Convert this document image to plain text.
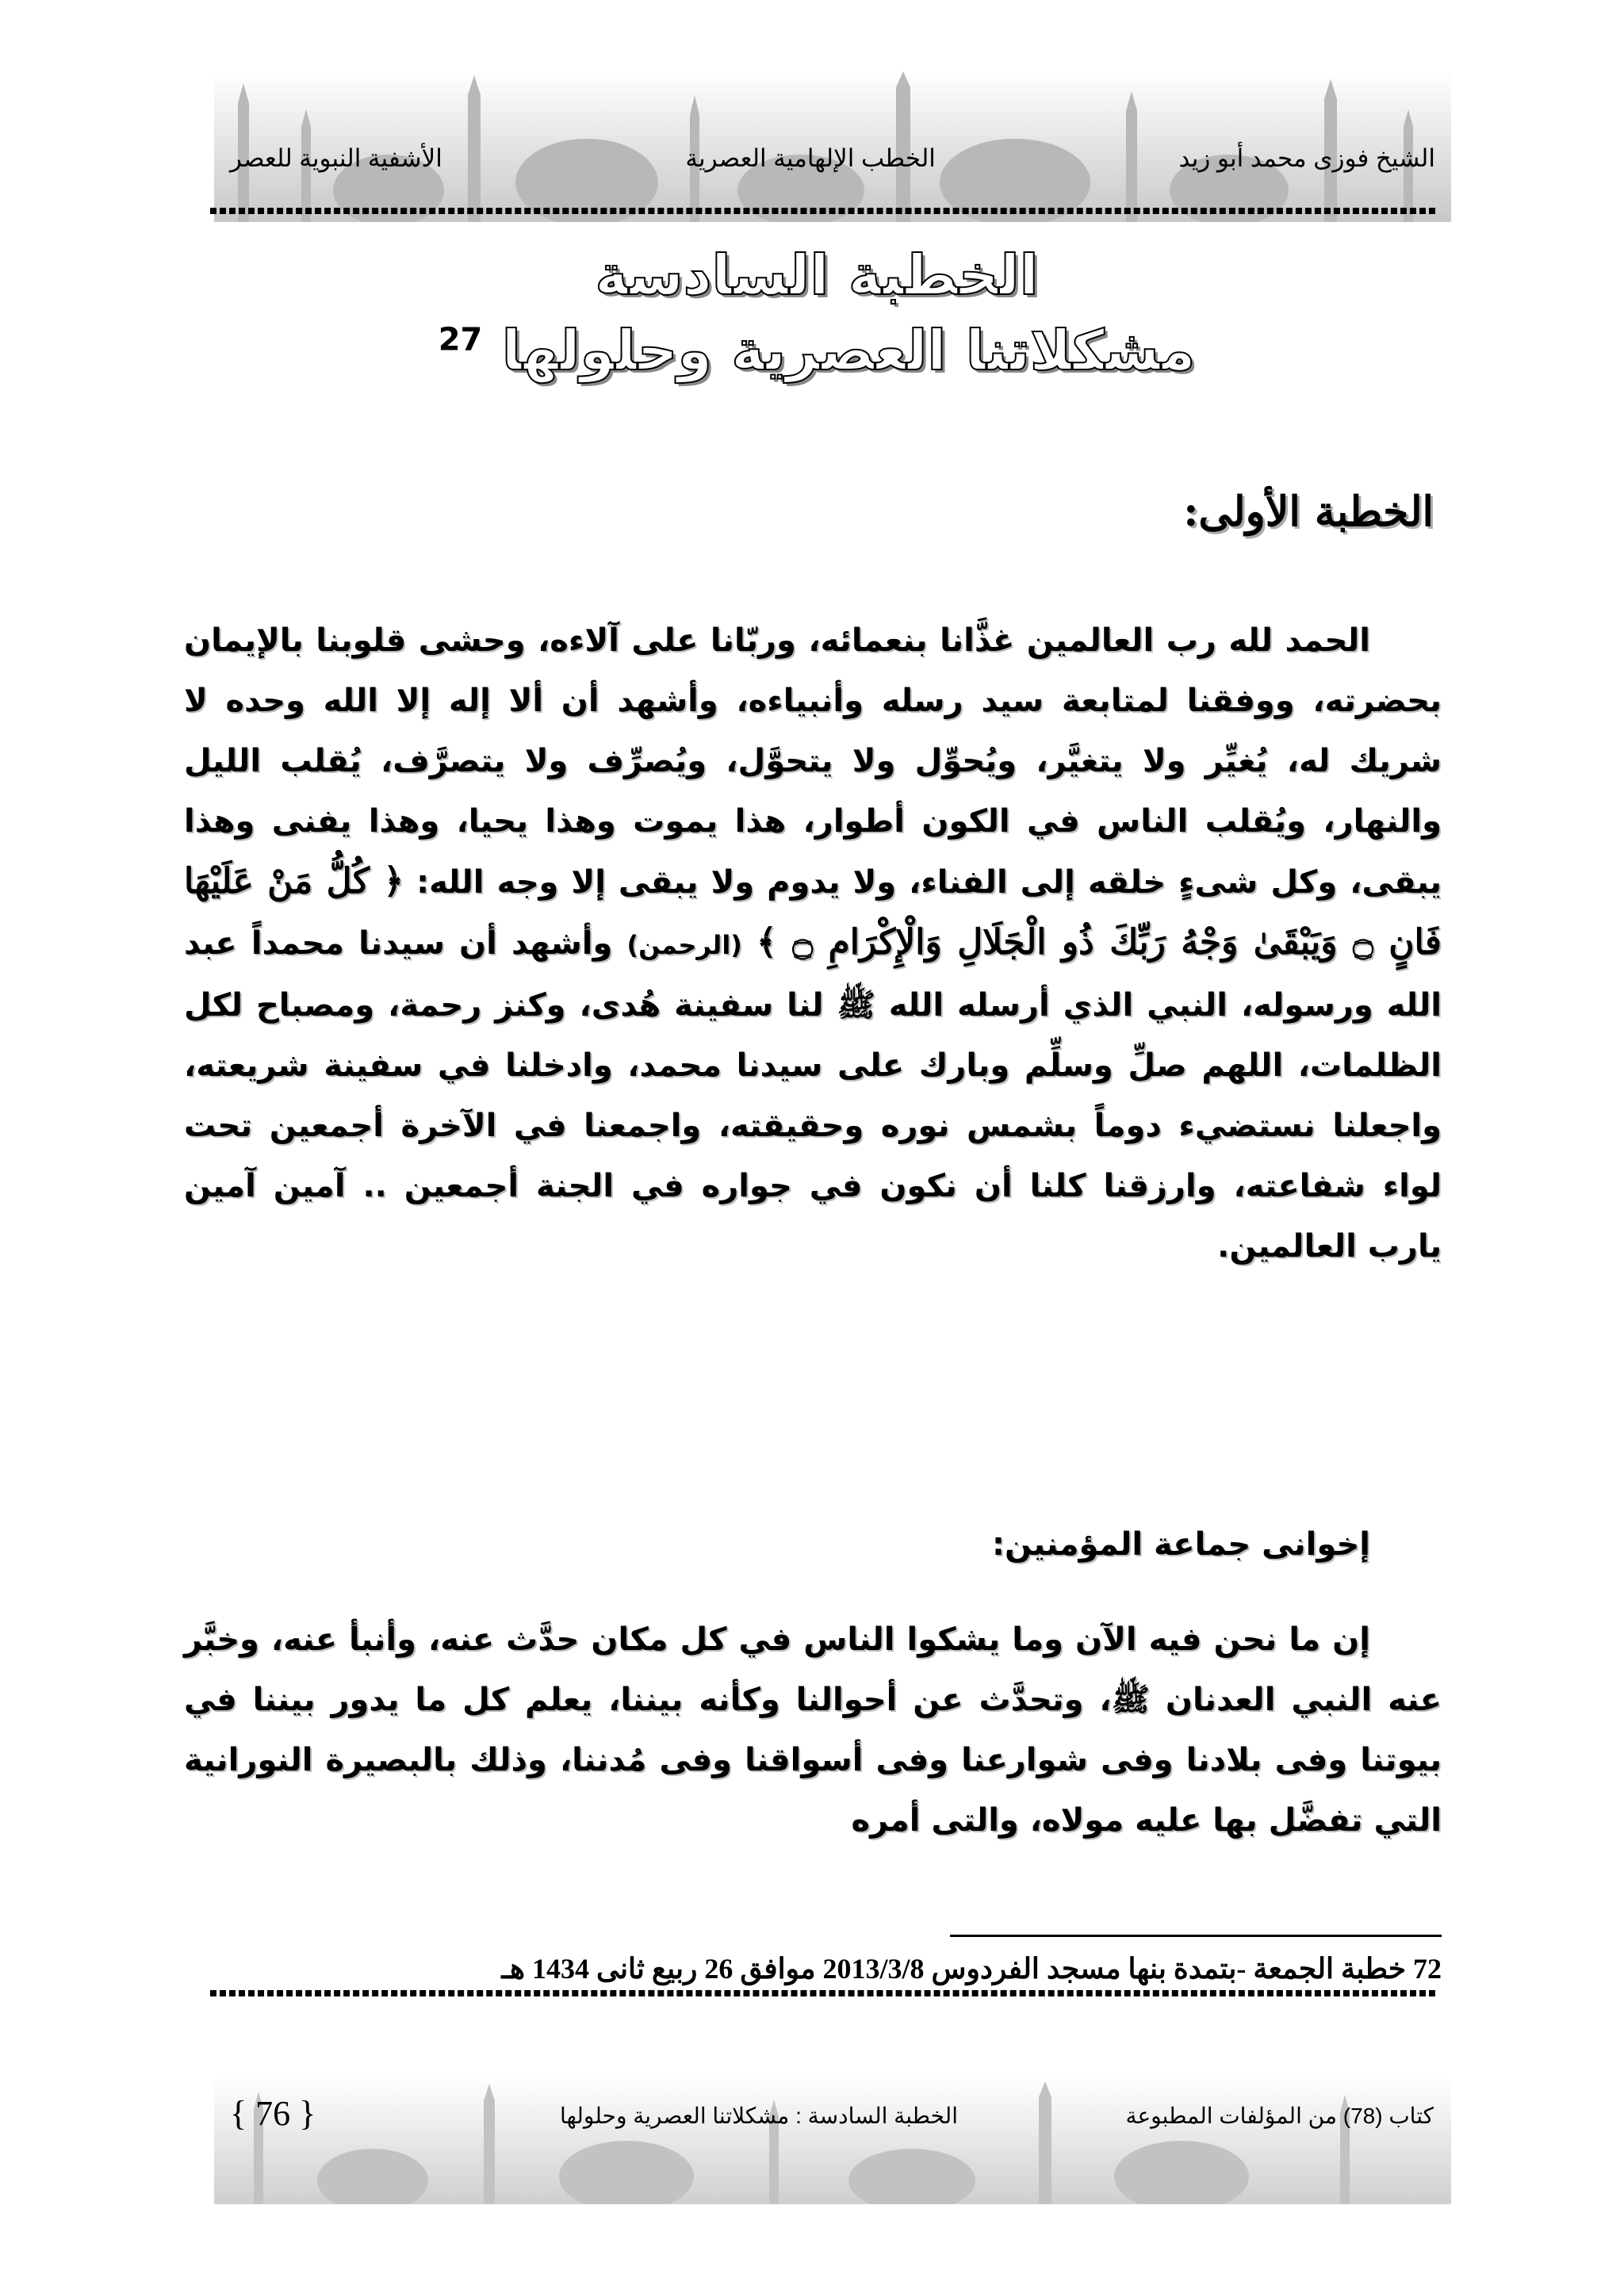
الشيخ فوزى محمد أبو زيد
الخطب الإلهامية العصرية
الأشفية النبوية للعصر
الخطبة السادسة
مشكلاتنا العصرية وحلولها $^{27}$
الخطبة الأولى:
الحمد لله رب العالمين غذَّانا بنعمائه، وربّانا على آلاءه، وحشى قلوبنا بالإيمان بحضرته، ووفقنا لمتابعة سيد رسله وأنبياءه، وأشهد أن ألا إله إلا الله وحده لا شريك له، يُغيِّر ولا يتغيَّر، ويُحوِّل ولا يتحوَّل، ويُصرِّف ولا يتصرَّف، يُقلب الليل والنهار، ويُقلب الناس في الكون أطوار، هذا يموت وهذا يحيا، وهذا يفنى وهذا يبقى، وكل شىءٍ خلقه إلى الفناء، ولا يدوم ولا يبقى إلا وجه الله: ﴿ كُلُّ مَنْ عَلَيْهَا فَانٍ ۝ وَيَبْقَىٰ وَجْهُ رَبِّكَ ذُو الْجَلَالِ وَالْإِكْرَامِ ۝ ﴾ (الرحمن) وأشهد أن سيدنا محمداً عبد الله ورسوله، النبي الذي أرسله الله ﷺ لنا سفينة هُدى، وكنز رحمة، ومصباح لكل الظلمات، اللهم صلِّ وسلِّم وبارك على سيدنا محمد، وادخلنا في سفينة شريعته، واجعلنا نستضيء دوماً بشمس نوره وحقيقته، واجمعنا في الآخرة أجمعين تحت لواء شفاعته، وارزقنا كلنا أن نكون في جواره في الجنة أجمعين .. آمين آمين يارب العالمين.
إخوانى جماعة المؤمنين:
إن ما نحن فيه الآن وما يشكوا الناس في كل مكان حدَّث عنه، وأنبأ عنه، وخبَّر عنه النبي العدنان ﷺ، وتحدَّث عن أحوالنا وكأنه بيننا، يعلم كل ما يدور بيننا في بيوتنا وفى بلادنا وفى شوارعنا وفى أسواقنا وفى مُدننا، وذلك بالبصيرة النورانية التي تفضَّل بها عليه مولاه، والتى أمره
72 خطبة الجمعة -بتمدة بنها مسجد الفردوس 2013/3/8 موافق 26 ربيع ثانى 1434 هـ
كتاب (78) من المؤلفات المطبوعة
الخطبة السادسة : مشكلاتنا العصرية وحلولها
{ 76 }
